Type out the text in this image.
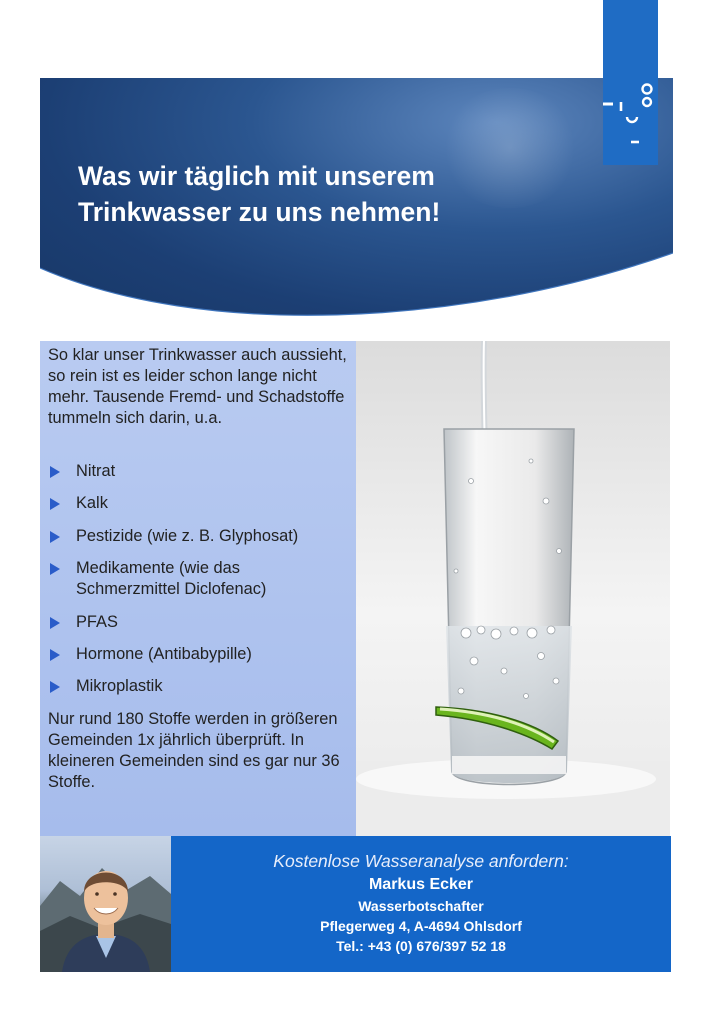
Was wir täglich mit unserem
Trinkwasser zu uns nehmen!

So klar unser Trinkwasser auch aussieht, so rein ist es leider schon lange nicht mehr. Tausende Fremd- und Schadstoffe tummeln sich darin, u.a.

Nitrat
Kalk
Pestizide (wie z. B. Glyphosat)
Medikamente (wie das Schmerzmittel Diclofenac)
PFAS
Hormone (Antibabypille)
Mikroplastik

Nur rund 180 Stoffe werden in größeren Gemeinden 1x jährlich überprüft. In kleineren Gemeinden sind es gar nur 36 Stoffe.

Kostenlose Wasseranalyse anfordern:
Markus Ecker
Wasserbotschafter
Pflegerweg 4, A-4694 Ohlsdorf
Tel.: +43 (0) 676/397 52 18
